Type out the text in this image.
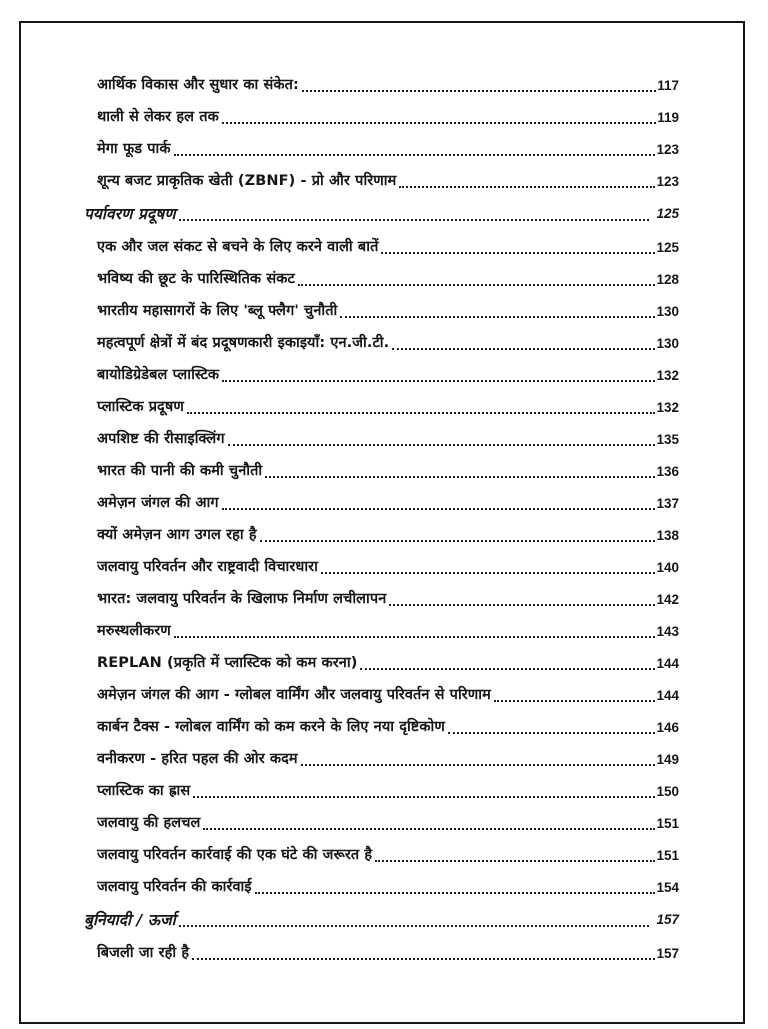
आर्थिक विकास और सुधार का संकेत:	117
थाली से लेकर हल तक	119
मेगा फूड पार्क	123
शून्य बजट प्राकृतिक खेती (ZBNF) - प्रो और परिणाम	123
पर्यावरण प्रदूषण	125
एक और जल संकट से बचने के लिए करने वाली बातें	125
भविष्य की छूट के पारिस्थितिक संकट	128
भारतीय महासागरों के लिए 'ब्लू फ्लैग' चुनौती	130
महत्वपूर्ण क्षेत्रों में बंद प्रदूषणकारी इकाइयाँ: एन.जी.टी.	130
बायोडिग्रेडेबल प्लास्टिक	132
प्लास्टिक प्रदूषण	132
अपशिष्ट की रीसाइक्लिंग	135
भारत की पानी की कमी चुनौती	136
अमेज़न जंगल की आग	137
क्यों अमेज़न आग उगल रहा है	138
जलवायु परिवर्तन और राष्ट्रवादी विचारधारा	140
भारत: जलवायु परिवर्तन के खिलाफ निर्माण लचीलापन	142
मरुस्थलीकरण	143
REPLAN (प्रकृति में प्लास्टिक को कम करना)	144
अमेज़न जंगल की आग - ग्लोबल वार्मिंग और जलवायु परिवर्तन से परिणाम	144
कार्बन टैक्स - ग्लोबल वार्मिंग को कम करने के लिए नया दृष्टिकोण	146
वनीकरण - हरित पहल की ओर कदम	149
प्लास्टिक का ह्रास	150
जलवायु की हलचल	151
जलवायु परिवर्तन कार्रवाई की एक घंटे की जरूरत है	151
जलवायु परिवर्तन की कार्रवाई	154
बुनियादी / ऊर्जा	157
बिजली जा रही है	157
